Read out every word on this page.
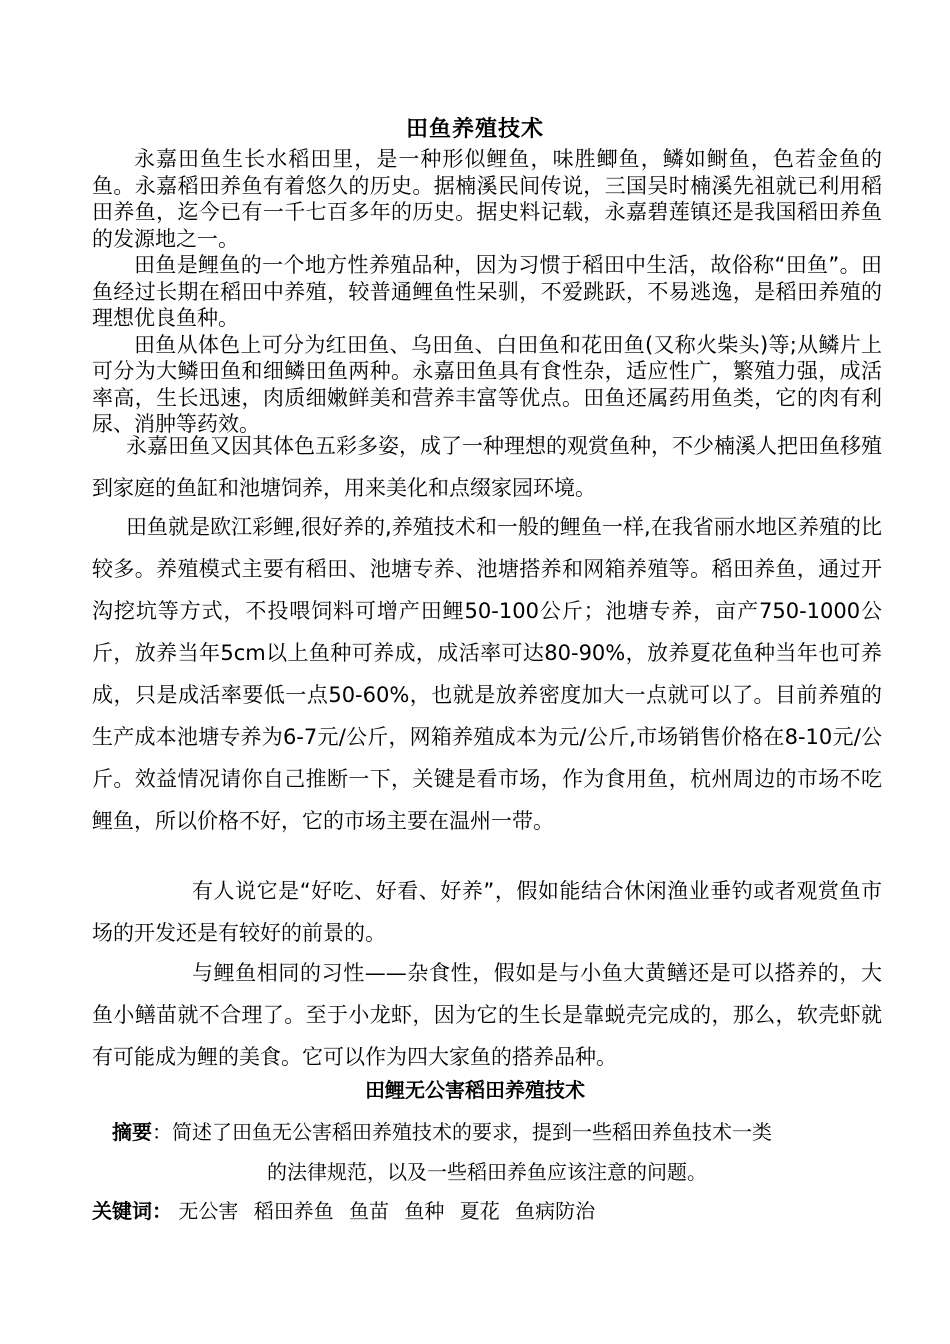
田鱼养殖技术

永嘉田鱼生长水稻田里，是一种形似鲤鱼，味胜鲫鱼，鳞如鲥鱼，色若金鱼的鱼。永嘉稻田养鱼有着悠久的历史。据楠溪民间传说，三国吴时楠溪先祖就已利用稻田养鱼，迄今已有一千七百多年的历史。据史料记载，永嘉碧莲镇还是我国稻田养鱼的发源地之一。

田鱼是鲤鱼的一个地方性养殖品种，因为习惯于稻田中生活，故俗称“田鱼”。田鱼经过长期在稻田中养殖，较普通鲤鱼性呆驯，不爱跳跃，不易逃逸，是稻田养殖的理想优良鱼种。

田鱼从体色上可分为红田鱼、乌田鱼、白田鱼和花田鱼(又称火柴头)等;从鳞片上可分为大鳞田鱼和细鳞田鱼两种。永嘉田鱼具有食性杂，适应性广，繁殖力强，成活率高，生长迅速，肉质细嫩鲜美和营养丰富等优点。田鱼还属药用鱼类，它的肉有利尿、消肿等药效。

永嘉田鱼又因其体色五彩多姿，成了一种理想的观赏鱼种，不少楠溪人把田鱼移殖到家庭的鱼缸和池塘饲养，用来美化和点缀家园环境。

田鱼就是欧江彩鲤,很好养的,养殖技术和一般的鲤鱼一样,在我省丽水地区养殖的比较多。养殖模式主要有稻田、池塘专养、池塘搭养和网箱养殖等。稻田养鱼，通过开沟挖坑等方式，不投喂饲料可增产田鲤50-100公斤；池塘专养，亩产750-1000公斤，放养当年5cm以上鱼种可养成，成活率可达80-90%，放养夏花鱼种当年也可养成，只是成活率要低一点50-60%，也就是放养密度加大一点就可以了。目前养殖的生产成本池塘专养为6-7元/公斤，网箱养殖成本为元/公斤,市场销售价格在8-10元/公斤。效益情况请你自己推断一下，关键是看市场，作为食用鱼，杭州周边的市场不吃鲤鱼，所以价格不好，它的市场主要在温州一带。

有人说它是“好吃、好看、好养”，假如能结合休闲渔业垂钓或者观赏鱼市场的开发还是有较好的前景的。

与鲤鱼相同的习性——杂食性，假如是与小鱼大黄鳝还是可以搭养的，大鱼小鳝苗就不合理了。至于小龙虾，因为它的生长是靠蜕壳完成的，那么，软壳虾就有可能成为鲤的美食。它可以作为四大家鱼的搭养品种。

田鲤无公害稻田养殖技术
摘要：简述了田鱼无公害稻田养殖技术的要求，提到一些稻田养鱼技术一类
的法律规范，以及一些稻田养鱼应该注意的问题。

关键词： 无公害 稻田养鱼 鱼苗 鱼种 夏花 鱼病防治
